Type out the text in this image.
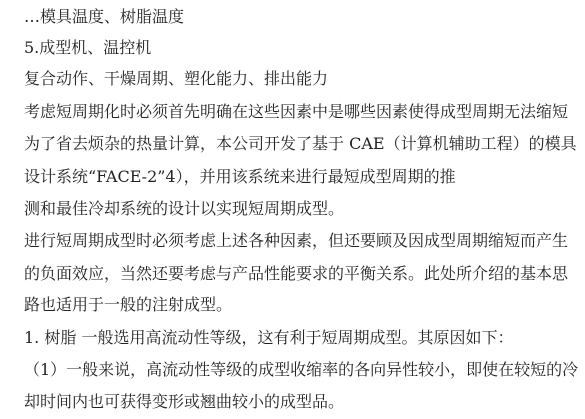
…模具温度、树脂温度
5.成型机、温控机
复合动作、干燥周期、塑化能力、排出能力
考虑短周期化时必须首先明确在这些因素中是哪些因素使得成型周期无法缩短
为了省去烦杂的热量计算，本公司开发了基于 CAE（计算机辅助工程）的模具
设计系统“FACE-2”4），并用该系统来进行最短成型周期的推
测和最佳冷却系统的设计以实现短周期成型。
进行短周期成型时必须考虑上述各种因素，但还要顾及因成型周期缩短而产生
的负面效应，当然还要考虑与产品性能要求的平衡关系。此处所介绍的基本思
路也适用于一般的注射成型。
1. 树脂 一般选用高流动性等级，这有利于短周期成型。其原因如下：
（1）一般来说，高流动性等级的成型收缩率的各向异性较小，即使在较短的冷
却时间内也可获得变形或翘曲较小的成型品。
